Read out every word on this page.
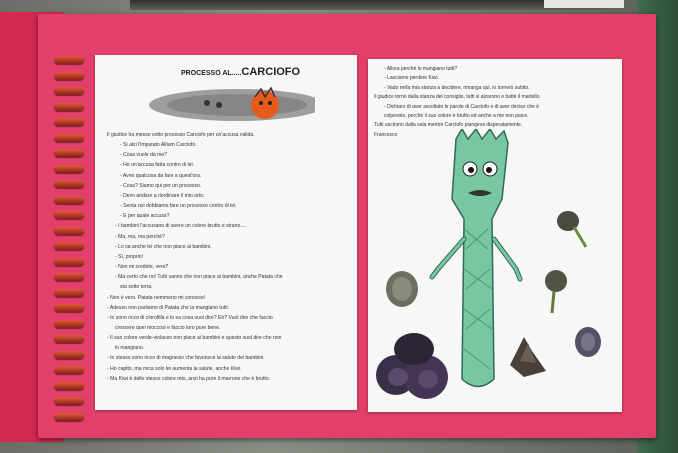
PROCESSO AL.....CARCIOFO
Il giudice ha messo sotto processo Carciofo per un'accusa valida.
- Si alzi l'imputato Allium Carciofo.
- Cosa vuole da me?
- Ho un'accusa fatta contro di lei.
- Avrei qualcosa da fare a quest'ora.
- Cosa? Siamo qui per un processo.
- Devo andare a riordinare il mio orto.
- Senta noi dobbiamo fare un processo contro di lei.
- E per quale accusa?
- I bambini l'accusano di avere un colore brutto e strano....
- Ma, ma, ma perché?
- Lo sa anche lei che non piace ai bambini.
- Sì, proprio!
- Non mi credete, vero?
- Ma certo che no! Tutti sanno che non piace ai bambini, anche Patata che
sta sotto terra.
- Non è vero. Patata nemmeno mi conosce!
- Adesso non parliamo di Patata che la mangiano tutti.
- Io sono ricco di clorofilla e lo sa cosa vuol dire? Eh? Vuol dire che faccio
crescere quei moccosi e faccio loro pure bene.
- Il suo colore verde-violaceo non piace ai bambini e questo vuol dire che non
lo mangiano.
- Io stesso sono ricco di magnesio che favorisce la salute dei bambini.
- Ho capito, ma mica solo lei aumenta la salute, anche Kiwi.
- Ma Kiwi è dello stesso colore mio, anzi ha pure il marrone che è brutto.
- Allora perché lo mangiano tutti?
- Lasciamo perdere Kiwi.
- Vado nella mia stanza a decidere, rimanga qui, io tornerò subito.
Il giudice tornò dalla stanza del consiglio, tutti si alzarono e battè il martello.
- Dichiaro di aver ascoltato le parole di Carciofo e di aver deciso che è
colpevole, perché il suo colore è brutto ed anche a me non piace.
Tutti uscirono dalla sala mentre Carciofo piangeva disperatamente.
Francesco
